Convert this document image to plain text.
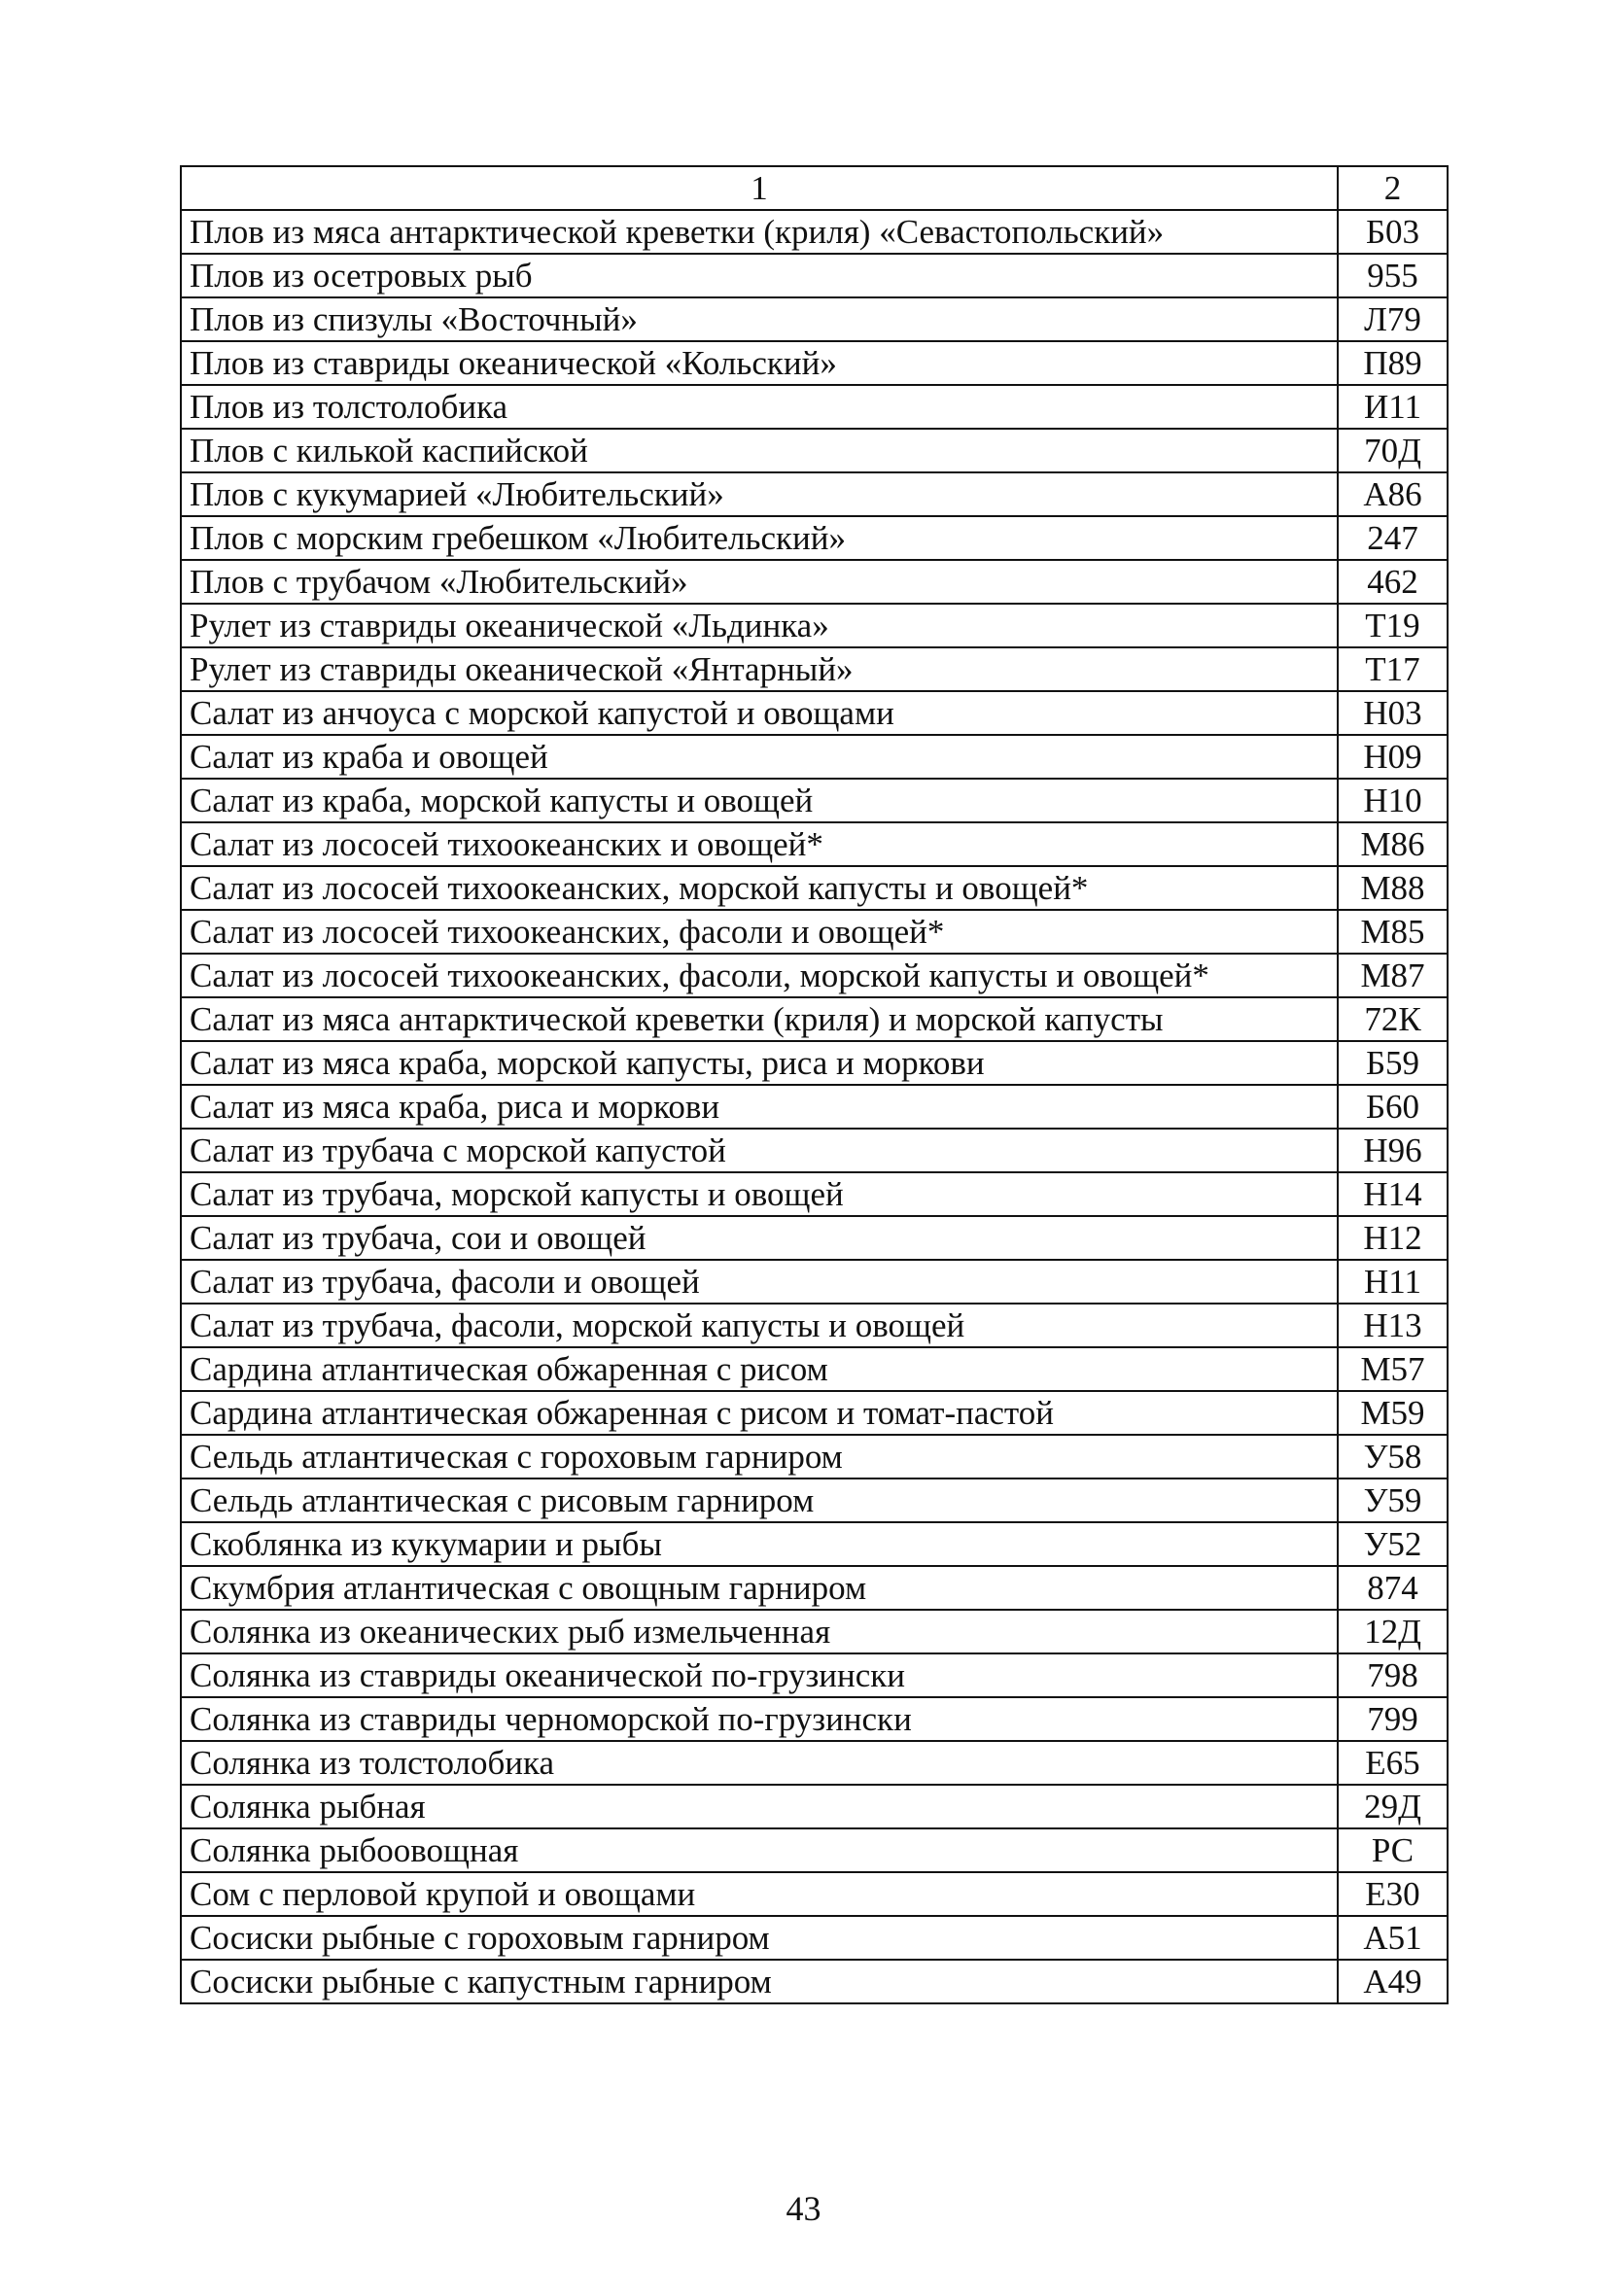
1	2
Плов из мяса антарктической креветки (криля) «Севастопольский»	Б03
Плов из осетровых рыб	955
Плов из спизулы «Восточный»	Л79
Плов из ставриды океанической «Кольский»	П89
Плов из толстолобика	И11
Плов с килькой каспийской	70Д
Плов с кукумарией «Любительский»	А86
Плов с морским гребешком «Любительский»	247
Плов с трубачом «Любительский»	462
Рулет из ставриды океанической «Льдинка»	Т19
Рулет из ставриды океанической «Янтарный»	Т17
Салат из анчоуса с морской капустой и овощами	Н03
Салат из краба и овощей	Н09
Салат из краба, морской капусты и овощей	Н10
Салат из лососей тихоокеанских и овощей*	М86
Салат из лососей тихоокеанских, морской капусты и овощей*	М88
Салат из лососей тихоокеанских, фасоли и овощей*	М85
Салат из лососей тихоокеанских, фасоли, морской капусты и овощей*	М87
Салат из мяса антарктической креветки (криля) и морской капусты	72К
Салат из мяса краба, морской капусты, риса и моркови	Б59
Салат из мяса краба, риса и моркови	Б60
Салат из трубача с морской капустой	Н96
Салат из трубача, морской капусты и овощей	Н14
Салат из трубача, сои и овощей	Н12
Салат из трубача, фасоли и овощей	Н11
Салат из трубача, фасоли, морской капусты и овощей	Н13
Сардина атлантическая обжаренная с рисом	М57
Сардина атлантическая обжаренная с рисом и томат-пастой	М59
Сельдь атлантическая с гороховым гарниром	У58
Сельдь атлантическая с рисовым гарниром	У59
Скоблянка из кукумарии и рыбы	У52
Скумбрия атлантическая с овощным гарниром	874
Солянка из океанических рыб измельченная	12Д
Солянка из ставриды океанической по-грузински	798
Солянка из ставриды черноморской по-грузински	799
Солянка из толстолобика	Е65
Солянка рыбная	29Д
Солянка рыбоовощная	РС
Сом с перловой крупой и овощами	Е30
Сосиски рыбные с гороховым гарниром	А51
Сосиски рыбные с капустным гарниром	А49
43
